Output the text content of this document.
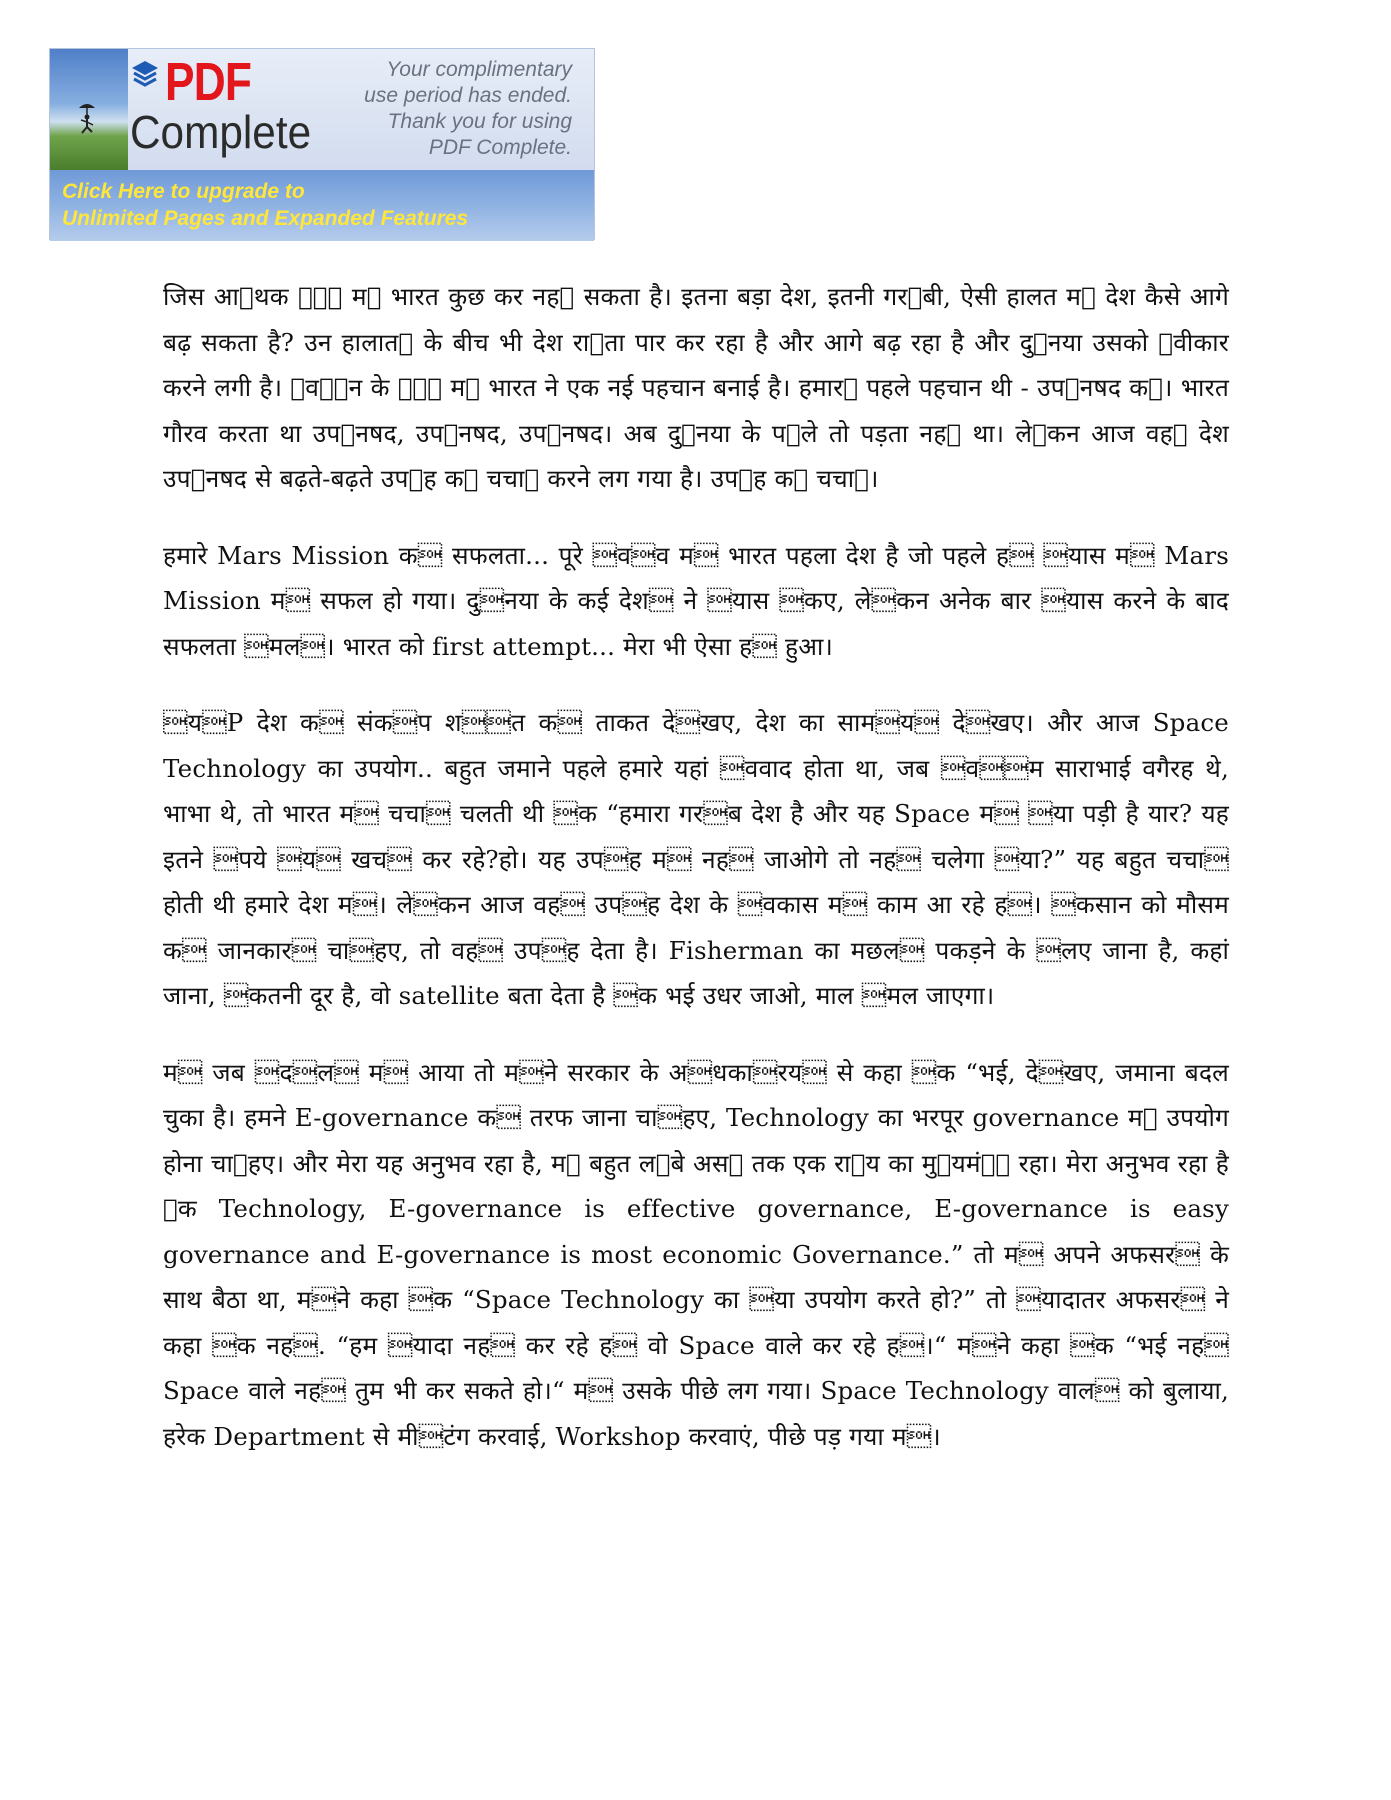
PDF
Complete
Your complimentary
use period has ended.
Thank you for using
PDF Complete.
Click Here to upgrade to
Unlimited Pages and Expanded Features

जिस आथक े म भारत कुछ कर नह सकता है। इतना बड़ा देश, इतनी गरबी, ऐसी हालत म देश कैसे आगे बढ़ सकता है? उन हालात के बीच भी देश राता पार कर रहा है और आगे बढ़ रहा है और दुनया उसको वीकार करने लगी है। वान के े म भारत ने एक नई पहचान बनाई है। हमार पहले पहचान थी - उपनषद क। भारत गौरव करता था उपनषद, उपनषद, उपनषद। अब दुनया के पले तो पड़ता नह था। लेकन आज वह देश उपनषद से बढ़ते-बढ़ते उपह क चचा करने लग गया है। उपह क चचा।

हमारे Mars Mission क सफलता... पूरे वव म भारत पहला देश है जो पहले ह यास म Mars Mission म सफल हो गया। दुनया के कई देश ने यास कए, लेकन अनेक बार यास करने के बाद सफलता मल। भारत को first attempt... मेरा भी ऐसा ह हुआ।

यP देश क संकप शत क ताकत देखए, देश का सामय देखए। और आज Space Technology का उपयोग.. बहुत जमाने पहले हमारे यहां ववाद होता था, जब वम साराभाई वगैरह थे, भाभा थे, तो भारत म चचा चलती थी क “हमारा गरब देश है और यह Space म या पड़ी है यार? यह इतने पये य खच कर रहे?हो। यह उपह म नह जाओगे तो नह चलेगा या?” यह बहुत चचा होती थी हमारे देश म। लेकन आज वह उपह देश के वकास म काम आ रहे ह। कसान को मौसम क जानकार चाहए, तो वह उपह देता है। Fisherman का मछल पकड़ने के लए जाना है, कहां जाना, कतनी दूर है, वो satellite बता देता है क भई उधर जाओ, माल मल जाएगा।

म जब दल म आया तो मने सरकार के अधकारय से कहा क “भई, देखए, जमाना बदल चुका है। हमने E-governance क तरफ जाना चाहए, Technology का भरपूर governance म उपयोग होना चाहए। और मेरा यह अनुभव रहा है, म बहुत लबे अस तक एक राय का मुयमंी रहा। मेरा अनुभव रहा है क Technology, E-governance is effective governance, E-governance is easy governance and E-governance is most economic Governance.” तो म अपने अफसर के साथ बैठा था, मने कहा क “Space Technology का या उपयोग करते हो?” तो यादातर अफसर ने कहा क नह. “हम यादा नह कर रहे ह वो Space वाले कर रहे ह।“ मने कहा क “भई नह Space वाले नह तुम भी कर सकते हो।“ म उसके पीछे लग गया। Space Technology वाल को बुलाया, हरेक Department से मीटंग करवाई, Workshop करवाएं, पीछे पड़ गया म।
